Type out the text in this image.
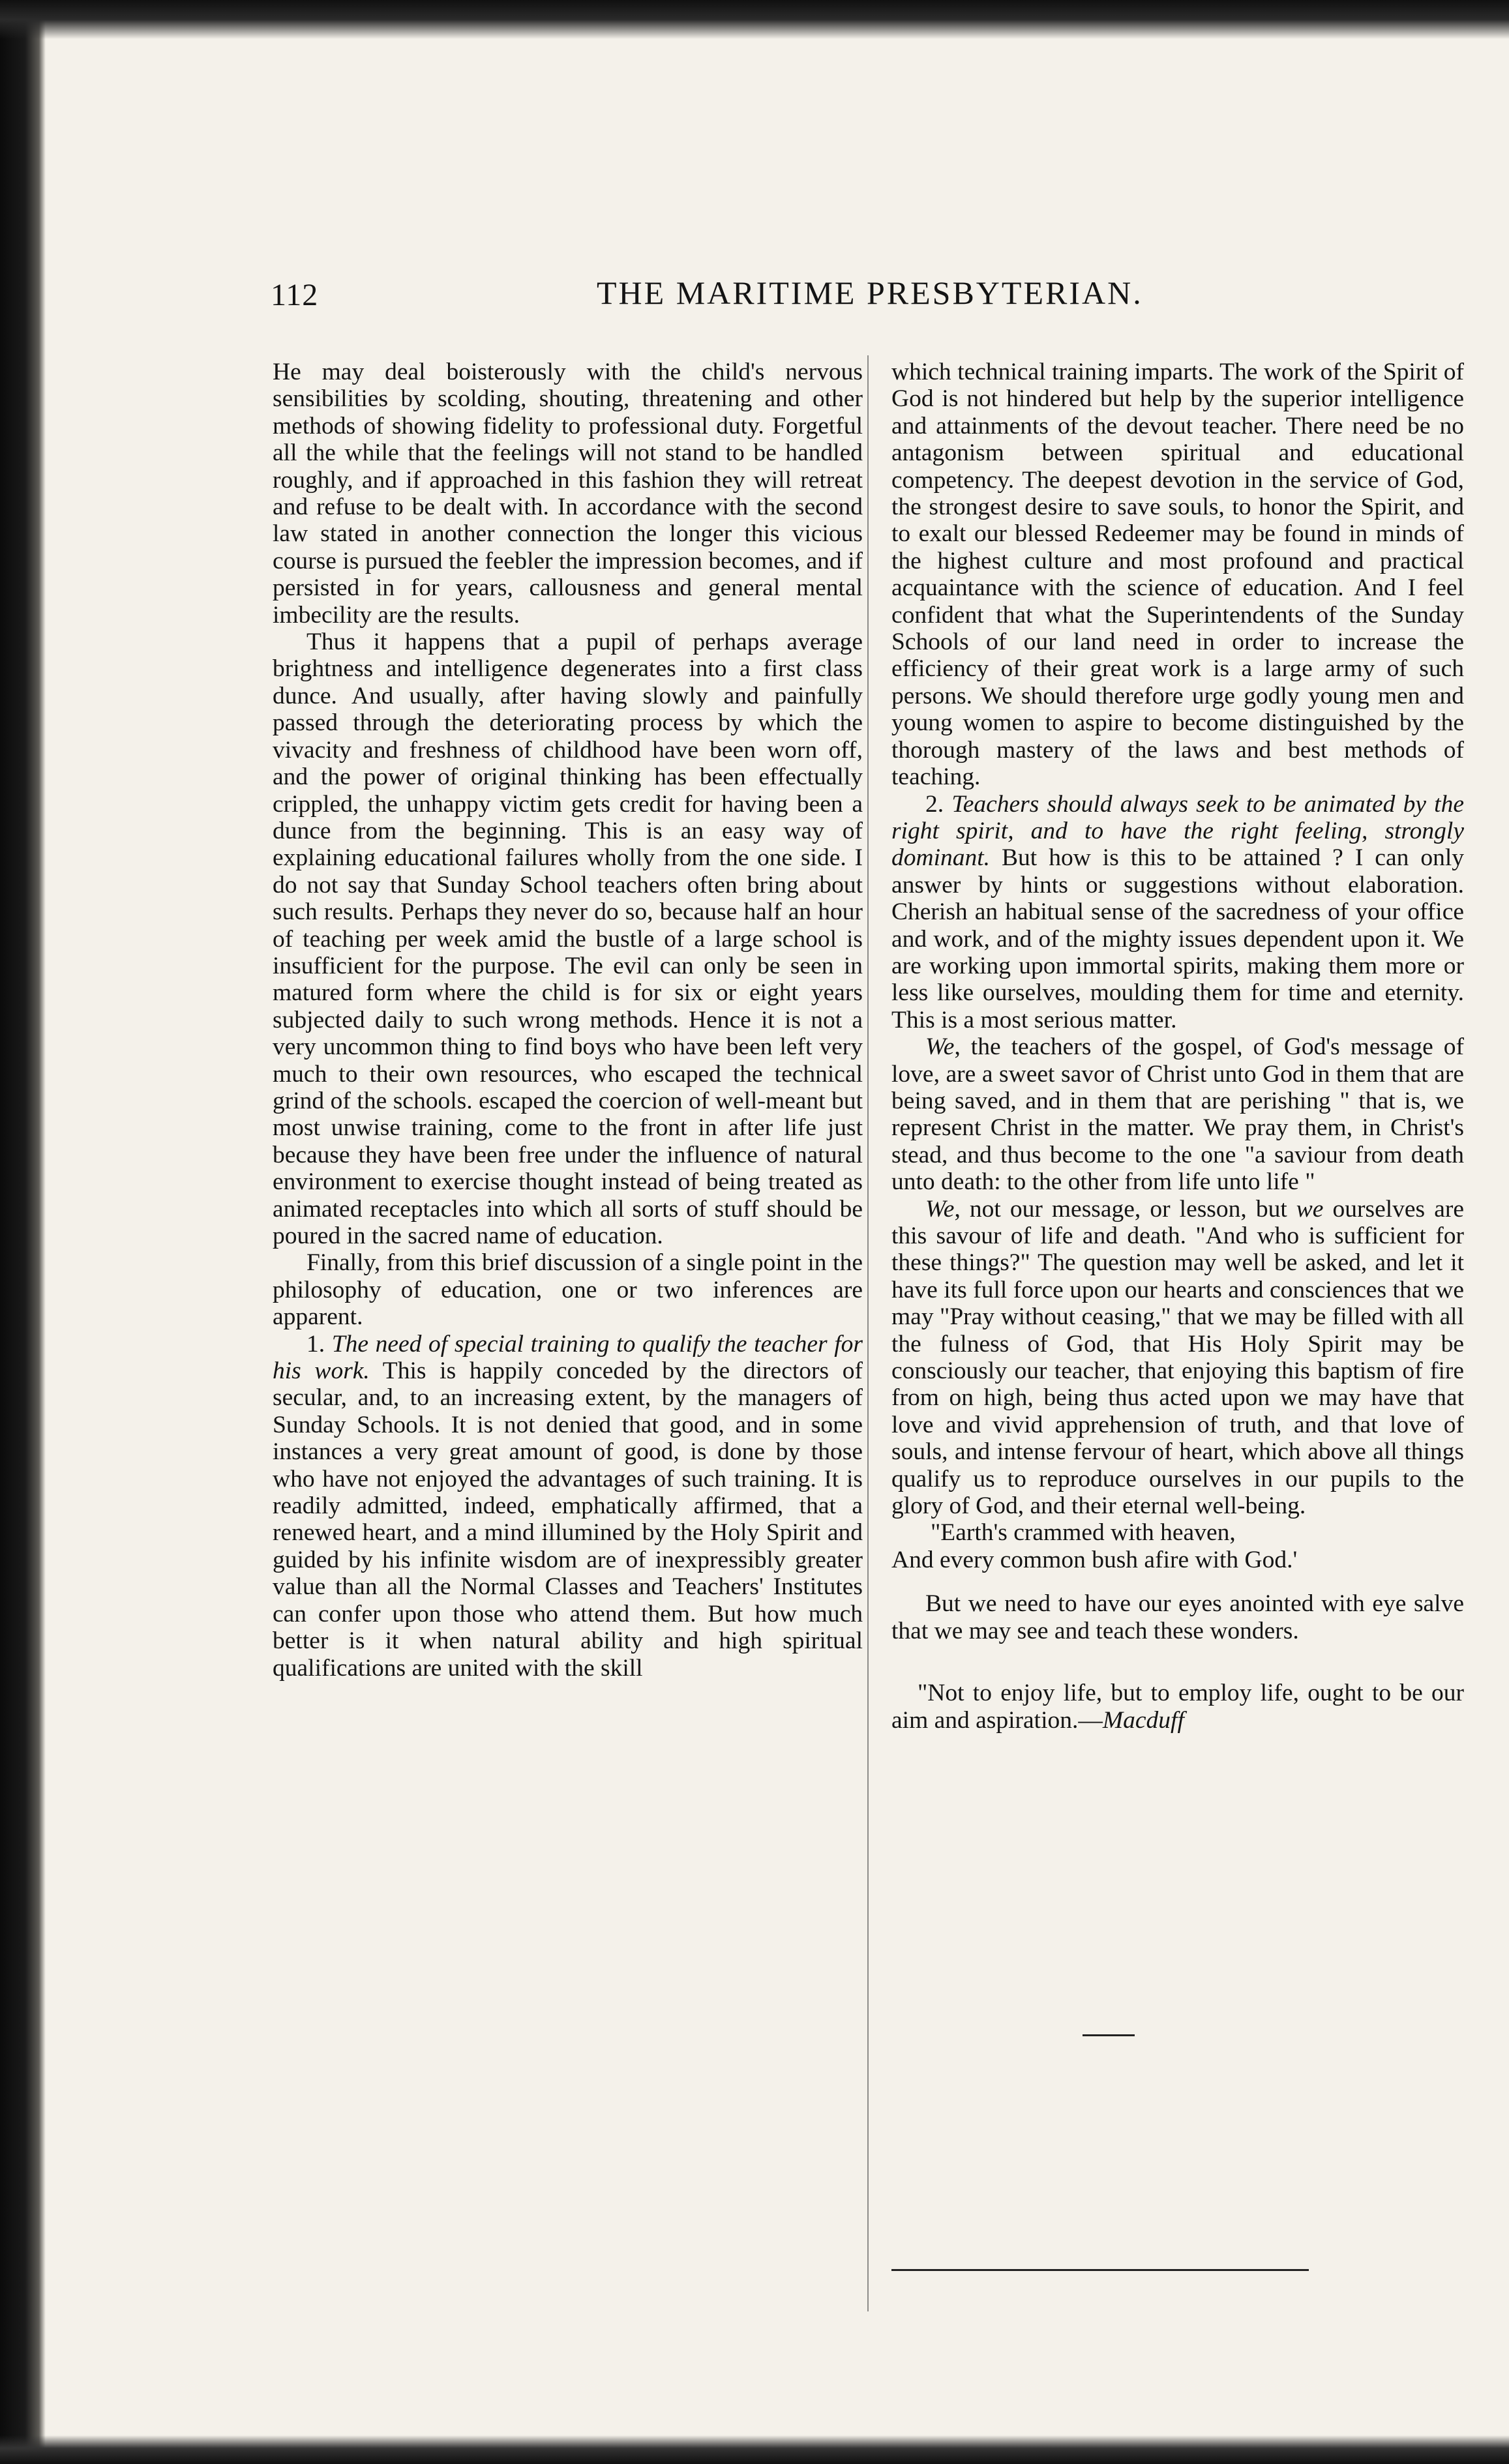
112	THE MARITIME PRESBYTERIAN.

He may deal boisterously with the child's nervous sensibilities by scolding, shouting, threatening and other methods of showing fidelity to professional duty. Forgetful all the while that the feelings will not stand to be handled roughly, and if approached in this fashion they will retreat and refuse to be dealt with. In accordance with the second law stated in another connection the longer this vicious course is pursued the feebler the impression becomes, and if persisted in for years, callousness and general mental imbecility are the results.

Thus it happens that a pupil of perhaps average brightness and intelligence degenerates into a first class dunce. And usually, after having slowly and painfully passed through the deteriorating process by which the vivacity and freshness of childhood have been worn off, and the power of original thinking has been effectually crippled, the unhappy victim gets credit for having been a dunce from the beginning. This is an easy way of explaining educational failures wholly from the one side. I do not say that Sunday School teachers often bring about such results. Perhaps they never do so, because half an hour of teaching per week amid the bustle of a large school is insufficient for the purpose. The evil can only be seen in matured form where the child is for six or eight years subjected daily to such wrong methods. Hence it is not a very uncommon thing to find boys who have been left very much to their own resources, who escaped the technical grind of the schools. escaped the coercion of well-meant but most unwise training, come to the front in after life just because they have been free under the influence of natural environment to exercise thought instead of being treated as animated receptacles into which all sorts of stuff should be poured in the sacred name of education.

Finally, from this brief discussion of a single point in the philosophy of education, one or two inferences are apparent.

1. The need of special training to qualify the teacher for his work. This is happily conceded by the directors of secular, and, to an increasing extent, by the managers of Sunday Schools. It is not denied that good, and in some instances a very great amount of good, is done by those who have not enjoyed the advantages of such training. It is readily admitted, indeed, emphatically affirmed, that a renewed heart, and a mind illumined by the Holy Spirit and guided by his infinite wisdom are of inexpressibly greater value than all the Normal Classes and Teachers' Institutes can confer upon those who attend them. But how much better is it when natural ability and high spiritual qualifications are united with the skill

which technical training imparts. The work of the Spirit of God is not hindered but help by the superior intelligence and attainments of the devout teacher. There need be no antagonism between spiritual and educational competency. The deepest devotion in the service of God, the strongest desire to save souls, to honor the Spirit, and to exalt our blessed Redeemer may be found in minds of the highest culture and most profound and practical acquaintance with the science of education. And I feel confident that what the Superintendents of the Sunday Schools of our land need in order to increase the efficiency of their great work is a large army of such persons. We should therefore urge godly young men and young women to aspire to become distinguished by the thorough mastery of the laws and best methods of teaching.

2. Teachers should always seek to be animated by the right spirit, and to have the right feeling, strongly dominant. But how is this to be attained ? I can only answer by hints or suggestions without elaboration. Cherish an habitual sense of the sacredness of your office and work, and of the mighty issues dependent upon it. We are working upon immortal spirits, making them more or less like ourselves, moulding them for time and eternity. This is a most serious matter.

We, the teachers of the gospel, of God's message of love, are a sweet savor of Christ unto God in them that are being saved, and in them that are perishing " that is, we represent Christ in the matter. We pray them, in Christ's stead, and thus become to the one "a saviour from death unto death: to the other from life unto life "

We, not our message, or lesson, but we ourselves are this savour of life and death. "And who is sufficient for these things?" The question may well be asked, and let it have its full force upon our hearts and consciences that we may "Pray without ceasing," that we may be filled with all the fulness of God, that His Holy Spirit may be consciously our teacher, that enjoying this baptism of fire from on high, being thus acted upon we may have that love and vivid apprehension of truth, and that love of souls, and intense fervour of heart, which above all things qualify us to reproduce ourselves in our pupils to the glory of God, and their eternal well-being.

"Earth's crammed with heaven,

And every common bush afire with God.'

But we need to have our eyes anointed with eye salve that we may see and teach these wonders.

"Not to enjoy life, but to employ life, ought to be our aim and aspiration.—Macduff
